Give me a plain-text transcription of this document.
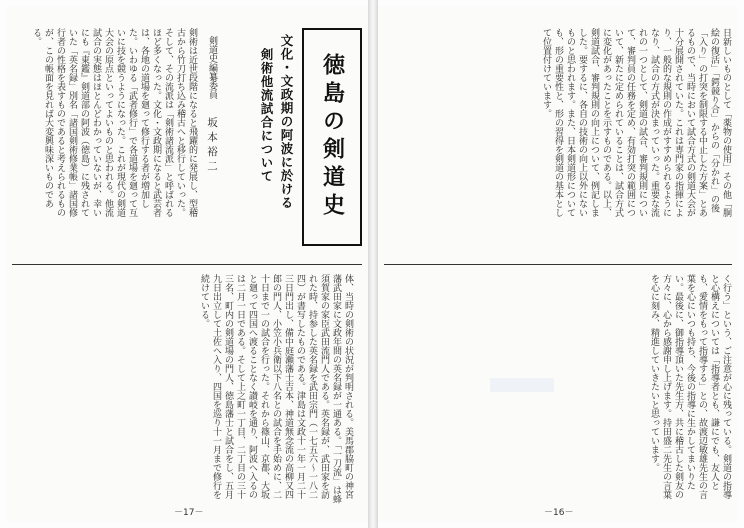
剣術は近世段階になると飛躍的に発展し、型稽古から竹刀打ち込み稽古へと移行していった。そして、その流派は「剣術諸流派」と呼ばれるほど多くなった。文化・文政期になると武芸者は、各地の道場を廻って修行する者が増加した。いわゆる「武者修行」で各道場を廻って互いに技を競うようになった。これが現代の剣道大会の原点といってよいものと思われる。他流試合の実態はほとんどわかっていないが、幸いにも『東鑑』剣道部の阿波（徳島）に残されていた「英名録」別名「諸国剣術修業帳」諸国修行者の性格を表すものであると考えられるものが、この帳面を見れば大変興味深いものである。	剣道史編纂委員坂本裕二	文化・文政期の阿波に於ける
剣術他流試合について 徳島の剣道史
体、当時の剣術の状況が判明される。美馬郡脇町の神宮藩武田家に文政年間の英名録が一通ある。「一刀流」は蜂須賀家の家臣武田流門人である。英名録が、武田家を訪れた時、持参した英名録を武田宗門（一七五六〜一八二四）が書写したものである。津島は文政十一年一月二十三日門出し、備中庭瀬藩士吉本、神道無念流の高柳又四郎の門人、小笠小兵衛以下八名との試合を手始めに、二十日まで一の試合を行った。それから篠山、京都、大坂と廻って四国へ渡ることなく讃岐を通り、阿波へ入るのは二月一日である。そして上之町一丁目、二丁目の三十三名、町内の剣道場の門人、徳島藩士と試合をし、五月九日出立して土佐へ入り、四国を巡り十一月まで修行を続けている。
－17－
日新しいものとして「薬物の使用」その他「胴絵の復活」「鍔競り合」からの「分かれ」の後「入り」の打突を制限する中止した方案」とあるもので、当時において試合方式の剣道大会が十分展開されていた。これは専門家の指揮により、一般的な規則の作成がすすめられるようになり、試合の方式が決まっていった。重要な流れの一つとして、剣道の試合、審判規則について、審判員の任務を定め、有効打突の範囲について、新たに定められていることは、試合方式に変化があったことを示すものである。以上、剣道試合、審判規則の向上について、例記しました。要するに、各自の技術の向上以外にないものと思われます。また、日本剣道形についても、形の重要性と、形の習得を剣道の基本として位置付けています。
く行う」という、ご注意が心に残っている。剣道の指導と心構えについては「指導者とも、謙にでも、友人とも、愛情をもって指導する」との、故渡辺敏雄先生の言葉を心にいつも持ち、今後の指導に生かしてまいりたい。最後に、御指導頂いた先生方、共に稽古した剣友の方々に、心から感謝申し上げます。持田盛二先生の言葉を心に刻み、精進していきたいと思っています。
－16－
